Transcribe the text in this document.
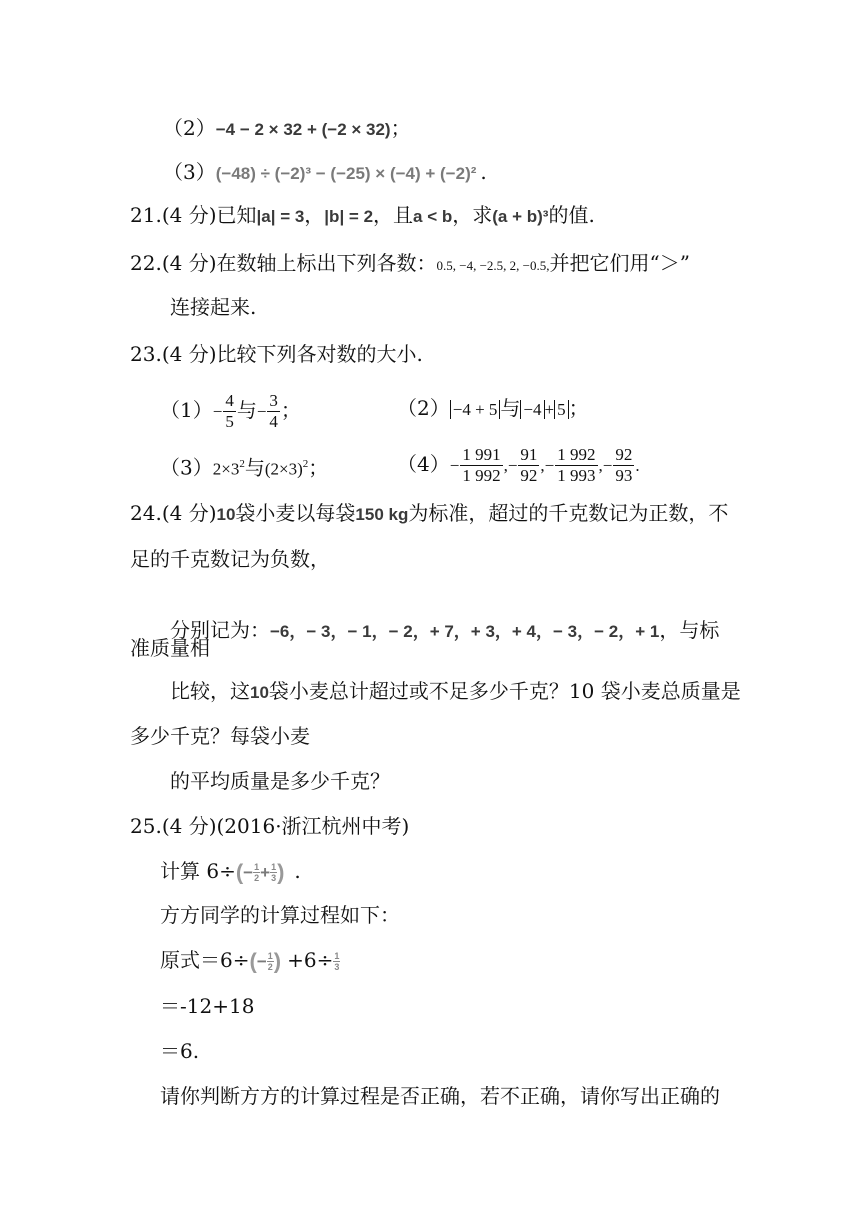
（2）−4 − 2 × 32 + (−2 × 32)；
（3）(−48) ÷ (−2)³ − (−25) × (−4) + (−2)² .
21.(4 分)已知|a| = 3，|b| = 2，且a < b，求(a + b)³的值.
22.(4 分)在数轴上标出下列各数：0.5, −4, −2.5, 2, −0.5,并把它们用“＞”
连接起来.
23.(4 分)比较下列各对数的大小.
$(1)- \frac{4}{5}$ 与− $\frac{3}{4}$ ；	（2） −4 + 5 与 −4 + 5 ；
$(3)2\times 3^2$与$(2\times 3)^2$；	$(4)- \frac{1 991}{1 992}$ ,− $\frac{91}{92}$ ,− $\frac{1 992}{1 993}$ ,− $\frac{92}{93}$ .
24.(4 分)10袋小麦以每袋150 kg为标准，超过的千克数记为正数，不
足的千克数记为负数，
分别记为：−6，− 3，− 1，− 2，+ 7，+ 3，+ 4，− 3，− 2，+ 1，与标
准质量相
比较，这10袋小麦总计超过或不足多少千克？10 袋小麦总质量是
多少千克？每袋小麦
的平均质量是多少千克？
25.(4 分)(2016·浙江杭州中考)
计算 $6\div(- \frac{1}{2} + \frac{1}{3}$ ) .
方方同学的计算过程如下：
原式$=6\div(- \frac{1}{2}$ ) $+6\div \frac{1}{3}$
＝-12+18
＝6.
请你判断方方的计算过程是否正确，若不正确，请你写出正确的
